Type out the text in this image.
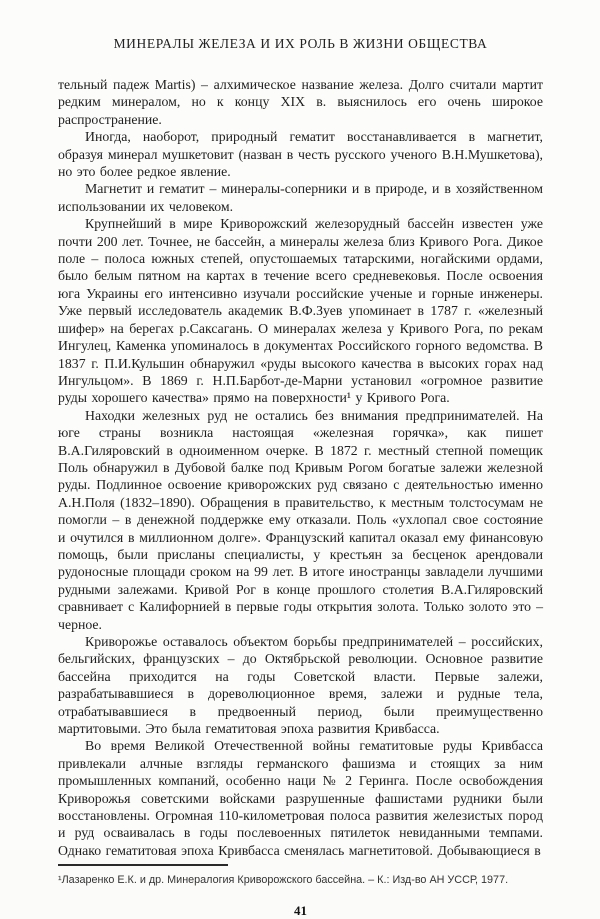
МИНЕРАЛЫ ЖЕЛЕЗА И ИХ РОЛЬ В ЖИЗНИ ОБЩЕСТВА

тельный падеж Martis) – алхимическое название железа. Долго считали мартит редким минералом, но к концу XIX в. выяснилось его очень широкое распространение.

Иногда, наоборот, природный гематит восстанавливается в магнетит, образуя минерал мушкетовит (назван в честь русского ученого В.Н.Мушкетова), но это более редкое явление.

Магнетит и гематит – минералы-соперники и в природе, и в хозяйственном использовании их человеком.

Крупнейший в мире Криворожский железорудный бассейн известен уже почти 200 лет. Точнее, не бассейн, а минералы железа близ Кривого Рога. Дикое поле – полоса южных степей, опустошаемых татарскими, ногайскими ордами, было белым пятном на картах в течение всего средневековья. После освоения юга Украины его интенсивно изучали российские ученые и горные инженеры. Уже первый исследователь академик В.Ф.Зуев упоминает в 1787 г. «железный шифер» на берегах р.Саксагань. О минералах железа у Кривого Рога, по рекам Ингулец, Каменка упоминалось в документах Российского горного ведомства. В 1837 г. П.И.Кульшин обнаружил «руды высокого качества в высоких горах над Ингульцом». В 1869 г. Н.П.Барбот-де-Марни установил «огромное развитие руды хорошего качества» прямо на поверхности¹ у Кривого Рога.

Находки железных руд не остались без внимания предпринимателей. На юге страны возникла настоящая «железная горячка», как пишет В.А.Гиляровский в одноименном очерке. В 1872 г. местный степной помещик Поль обнаружил в Дубовой балке под Кривым Рогом богатые залежи железной руды. Подлинное освоение криворожских руд связано с деятельностью именно А.Н.Поля (1832–1890). Обращения в правительство, к местным толстосумам не помогли – в денежной поддержке ему отказали. Поль «ухлопал свое состояние и очутился в миллионном долге». Французский капитал оказал ему финансовую помощь, были присланы специалисты, у крестьян за бесценок арендовали рудоносные площади сроком на 99 лет. В итоге иностранцы завладели лучшими рудными залежами. Кривой Рог в конце прошлого столетия В.А.Гиляровский сравнивает с Калифорнией в первые годы открытия золота. Только золото это – черное.

Криворожье оставалось объектом борьбы предпринимателей – российских, бельгийских, французских – до Октябрьской революции. Основное развитие бассейна приходится на годы Советской власти. Первые залежи, разрабатывавшиеся в дореволюционное время, залежи и рудные тела, отрабатывавшиеся в предвоенный период, были преимущественно мартитовыми. Это была гематитовая эпоха развития Кривбасса.

Во время Великой Отечественной войны гематитовые руды Кривбасса привлекали алчные взгляды германского фашизма и стоящих за ним промышленных компаний, особенно наци № 2 Геринга. После освобождения Криворожья советскими войсками разрушенные фашистами рудники были восстановлены. Огромная 110-километровая полоса развития железистых пород и руд осваивалась в годы послевоенных пятилеток невиданными темпами. Однако гематитовая эпоха Кривбасса сменялась магнетитовой. Добывающиеся в

¹Лазаренко Е.К. и др. Минералогия Криворожского бассейна. – К.: Изд-во АН УССР, 1977.
41
